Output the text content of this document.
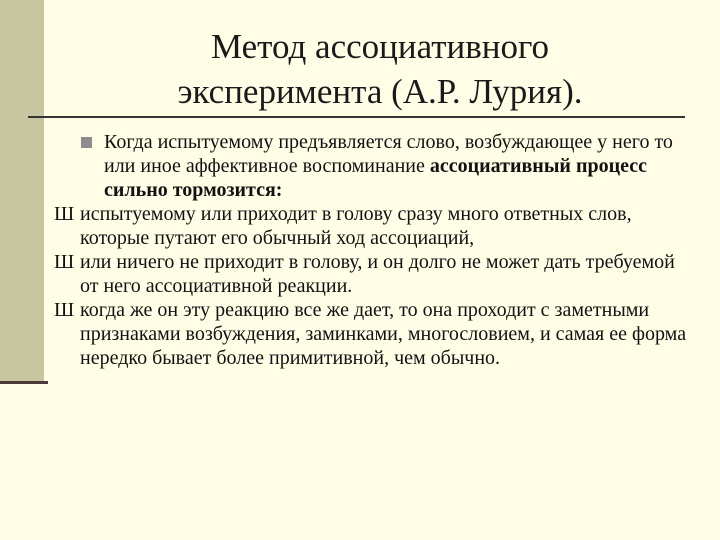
Метод ассоциативного
эксперимента (А.Р. Лурия).
Когда испытуемому предъявляется слово, возбуждающее у него то или иное аффективное воспоминание ассоциативный процесс сильно тормозится:
Ш испытуемому или приходит в голову сразу много ответных слов, которые путают его обычный ход ассоциаций,
Ш или ничего не приходит в голову, и он долго не может дать требуемой от него ассоциативной реакции.
Ш когда же он эту реакцию все же дает, то она проходит с заметными признаками возбуждения, заминками, многословием, и самая ее форма нередко бывает более примитивной, чем обычно.
